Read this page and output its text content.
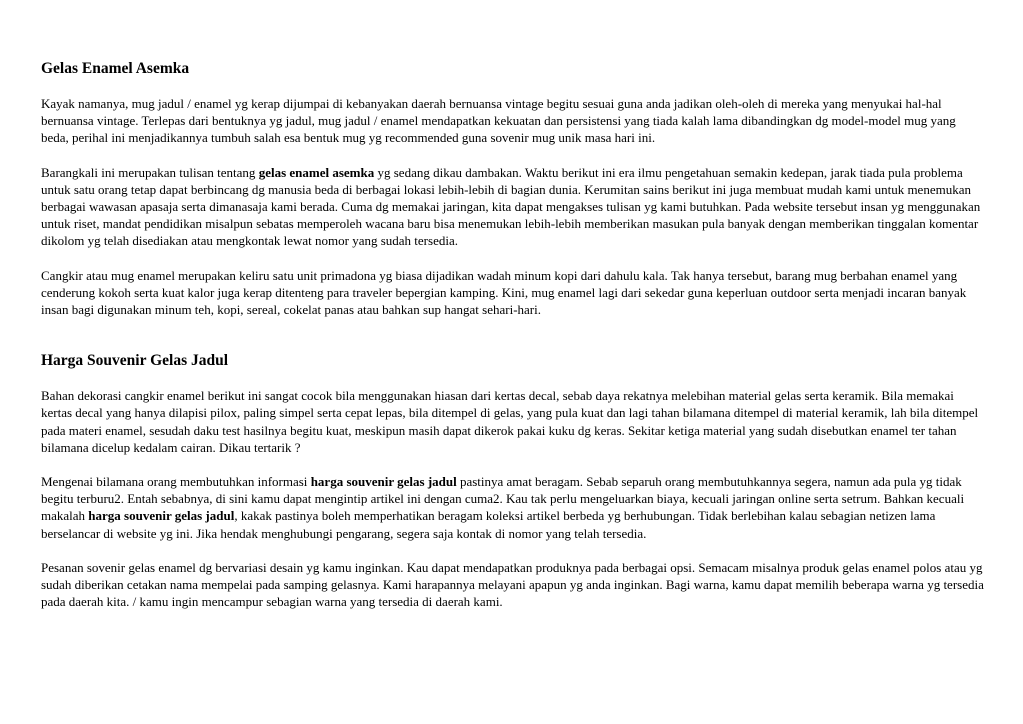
Gelas Enamel Asemka

Kayak namanya, mug jadul / enamel yg kerap dijumpai di kebanyakan daerah bernuansa vintage begitu sesuai guna anda jadikan oleh-oleh di mereka yang menyukai hal-hal bernuansa vintage. Terlepas dari bentuknya yg jadul, mug jadul / enamel mendapatkan kekuatan dan persistensi yang tiada kalah lama dibandingkan dg model-model mug yang beda, perihal ini menjadikannya tumbuh salah esa bentuk mug yg recommended guna sovenir mug unik masa hari ini.

Barangkali ini merupakan tulisan tentang gelas enamel asemka yg sedang dikau dambakan. Waktu berikut ini era ilmu pengetahuan semakin kedepan, jarak tiada pula problema untuk satu orang tetap dapat berbincang dg manusia beda di berbagai lokasi lebih-lebih di bagian dunia. Kerumitan sains berikut ini juga membuat mudah kami untuk menemukan berbagai wawasan apasaja serta dimanasaja kami berada. Cuma dg memakai jaringan, kita dapat mengakses tulisan yg kami butuhkan. Pada website tersebut insan yg menggunakan untuk riset, mandat pendidikan misalpun sebatas memperoleh wacana baru bisa menemukan lebih-lebih memberikan masukan pula banyak dengan memberikan tinggalan komentar dikolom yg telah disediakan atau mengkontak lewat nomor yang sudah tersedia.

Cangkir atau mug enamel merupakan keliru satu unit primadona yg biasa dijadikan wadah minum kopi dari dahulu kala. Tak hanya tersebut, barang mug berbahan enamel yang cenderung kokoh serta kuat kalor juga kerap ditenteng para traveler bepergian kamping. Kini, mug enamel lagi dari sekedar guna keperluan outdoor serta menjadi incaran banyak insan bagi digunakan minum teh, kopi, sereal, cokelat panas atau bahkan sup hangat sehari-hari.

Harga Souvenir Gelas Jadul

Bahan dekorasi cangkir enamel berikut ini sangat cocok bila menggunakan hiasan dari kertas decal, sebab daya rekatnya melebihan material gelas serta keramik. Bila memakai kertas decal yang hanya dilapisi pilox, paling simpel serta cepat lepas, bila ditempel di gelas, yang pula kuat dan lagi tahan bilamana ditempel di material keramik, lah bila ditempel pada materi enamel, sesudah daku test hasilnya begitu kuat, meskipun masih dapat dikerok pakai kuku dg keras. Sekitar ketiga material yang sudah disebutkan enamel ter tahan bilamana dicelup kedalam cairan. Dikau tertarik ?

Mengenai bilamana orang membutuhkan informasi harga souvenir gelas jadul pastinya amat beragam. Sebab separuh orang membutuhkannya segera, namun ada pula yg tidak begitu terburu2. Entah sebabnya, di sini kamu dapat mengintip artikel ini dengan cuma2. Kau tak perlu mengeluarkan biaya, kecuali jaringan online serta setrum. Bahkan kecuali makalah harga souvenir gelas jadul, kakak pastinya boleh memperhatikan beragam koleksi artikel berbeda yg berhubungan. Tidak berlebihan kalau sebagian netizen lama berselancar di website yg ini. Jika hendak menghubungi pengarang, segera saja kontak di nomor yang telah tersedia.

Pesanan sovenir gelas enamel dg bervariasi desain yg kamu inginkan. Kau dapat mendapatkan produknya pada berbagai opsi. Semacam misalnya produk gelas enamel polos atau yg sudah diberikan cetakan nama mempelai pada samping gelasnya. Kami harapannya melayani apapun yg anda inginkan. Bagi warna, kamu dapat memilih beberapa warna yg tersedia pada daerah kita. / kamu ingin mencampur sebagian warna yang tersedia di daerah kami.
